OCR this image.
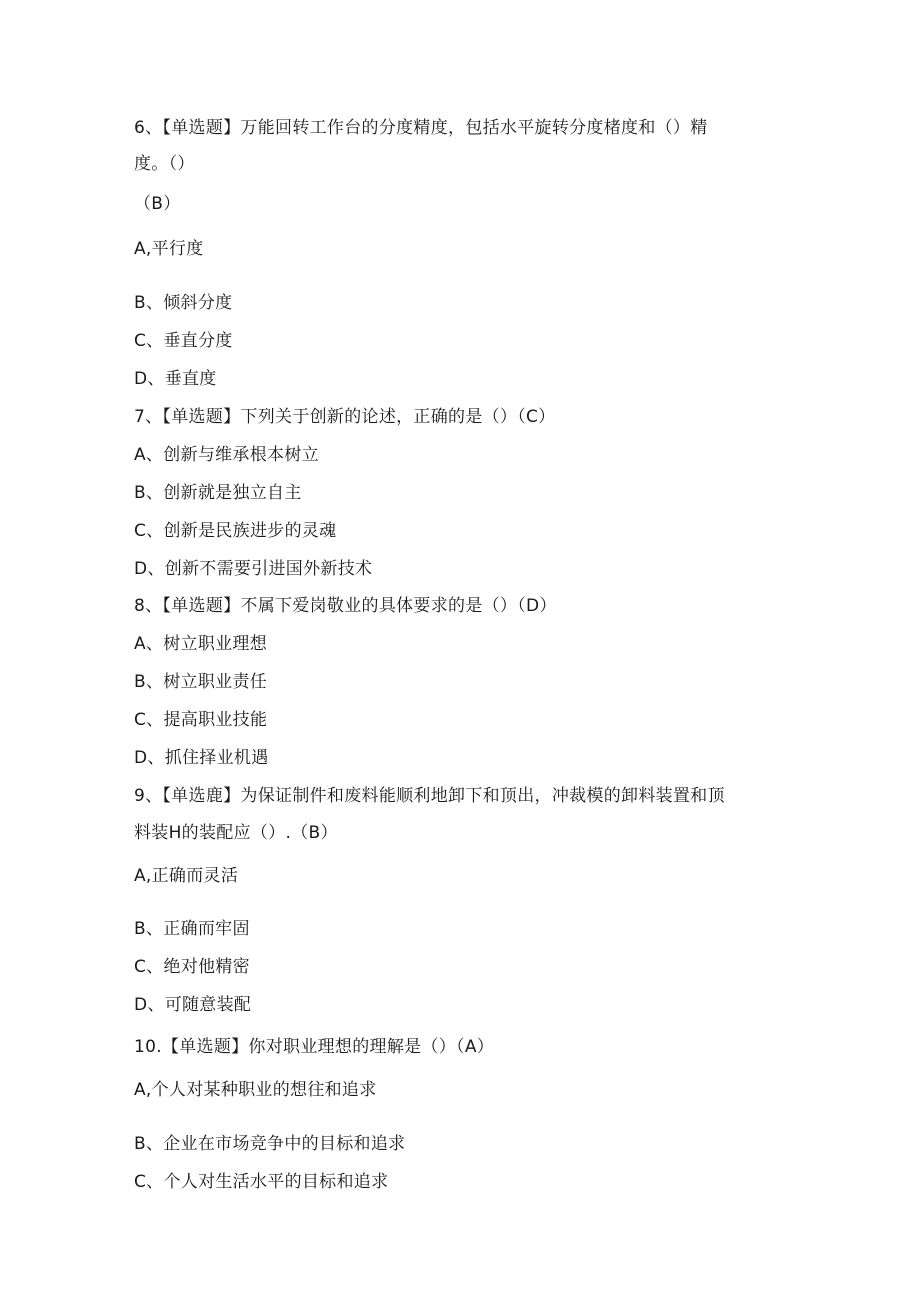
6、【单选题】万能回转工作台的分度精度，包括水平旋转分度楮度和（）精
度。（）
（B）
A,平行度
B、倾斜分度
C、垂直分度
D、垂直度
7、【单选题】下列关于创新的论述，正确的是（）（C）
A、创新与维承根本树立
B、创新就是独立自主
C、创新是民族进步的灵魂
D、创新不需要引进国外新技术
8、【单选题】不属下爱岗敬业的具体要求的是（）（D）
A、树立职业理想
B、树立职业责任
C、提高职业技能
D、抓住择业机遇
9、【单选鹿】为保证制件和废料能顺利地卸下和顶出，冲裁模的卸料装置和顶
料装H的装配应（）.（B）
A,正确而灵活
B、正确而牢固
C、绝对他精密
D、可随意装配
10.【单选题】你对职业理想的理解是（）（A）
A,个人对某种职业的想往和追求
B、企业在市场竞争中的目标和追求
C、个人对生活水平的目标和追求
